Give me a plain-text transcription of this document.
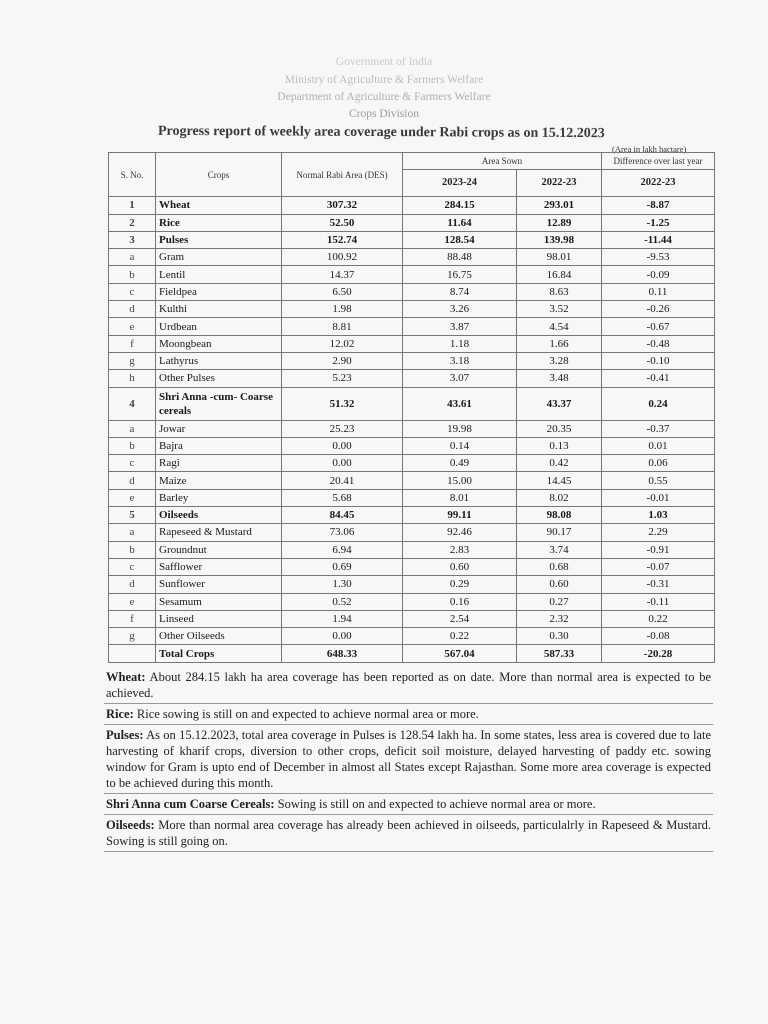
Government of India
Ministry of Agriculture & Farmers Welfare
Department of Agriculture & Farmers Welfare
Crops Division
Progress report of weekly area coverage under Rabi crops as on 15.12.2023
(Area in lakh hactare)
S. No.	Crops	Normal Rabi Area (DES)	Area Sown		Difference over last year
			2023-24	2022-23	2022-23
1	Wheat	307.32	284.15	293.01	-8.87
2	Rice	52.50	11.64	12.89	-1.25
3	Pulses	152.74	128.54	139.98	-11.44
a	Gram	100.92	88.48	98.01	-9.53
b	Lentil	14.37	16.75	16.84	-0.09
c	Fieldpea	6.50	8.74	8.63	0.11
d	Kulthi	1.98	3.26	3.52	-0.26
e	Urdbean	8.81	3.87	4.54	-0.67
f	Moongbean	12.02	1.18	1.66	-0.48
g	Lathyrus	2.90	3.18	3.28	-0.10
h	Other Pulses	5.23	3.07	3.48	-0.41
4	Shri Anna -cum- Coarse cereals	51.32	43.61	43.37	0.24
a	Jowar	25.23	19.98	20.35	-0.37
b	Bajra	0.00	0.14	0.13	0.01
c	Ragi	0.00	0.49	0.42	0.06
d	Maize	20.41	15.00	14.45	0.55
e	Barley	5.68	8.01	8.02	-0.01
5	Oilseeds	84.45	99.11	98.08	1.03
a	Rapeseed & Mustard	73.06	92.46	90.17	2.29
b	Groundnut	6.94	2.83	3.74	-0.91
c	Safflower	0.69	0.60	0.68	-0.07
d	Sunflower	1.30	0.29	0.60	-0.31
e	Sesamum	0.52	0.16	0.27	-0.11
f	Linseed	1.94	2.54	2.32	0.22
g	Other Oilseeds	0.00	0.22	0.30	-0.08
	Total Crops	648.33	567.04	587.33	-20.28
Wheat: About 284.15 lakh ha area coverage has been reported as on date. More than normal area is expected to be achieved.
Rice: Rice sowing is still on and expected to achieve normal area or more.
Pulses: As on 15.12.2023, total area coverage in Pulses is 128.54 lakh ha. In some states, less area is covered due to late harvesting of kharif crops, diversion to other crops, deficit soil moisture, delayed harvesting of paddy etc. sowing window for Gram is upto end of December in almost all States except Rajasthan. Some more area coverage is expected to be achieved during this month.
Shri Anna cum Coarse Cereals: Sowing is still on and expected to achieve normal area or more.
Oilseeds: More than normal area coverage has already been achieved in oilseeds, particulalrly in Rapeseed & Mustard. Sowing is still going on.
